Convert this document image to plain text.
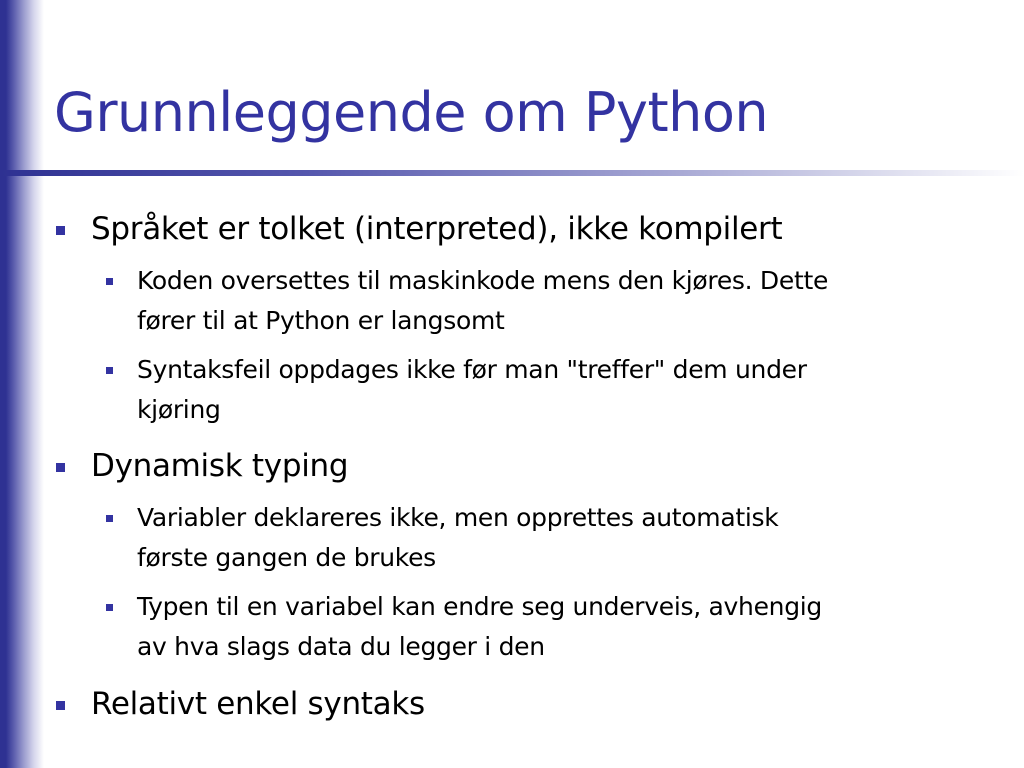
Grunnleggende om Python
Språket er tolket (interpreted), ikke kompilert
Koden oversettes til maskinkode mens den kjøres. Dette
fører til at Python er langsomt
Syntaksfeil oppdages ikke før man "treffer" dem under
kjøring
Dynamisk typing
Variabler deklareres ikke, men opprettes automatisk
første gangen de brukes
Typen til en variabel kan endre seg underveis, avhengig
av hva slags data du legger i den
Relativt enkel syntaks
